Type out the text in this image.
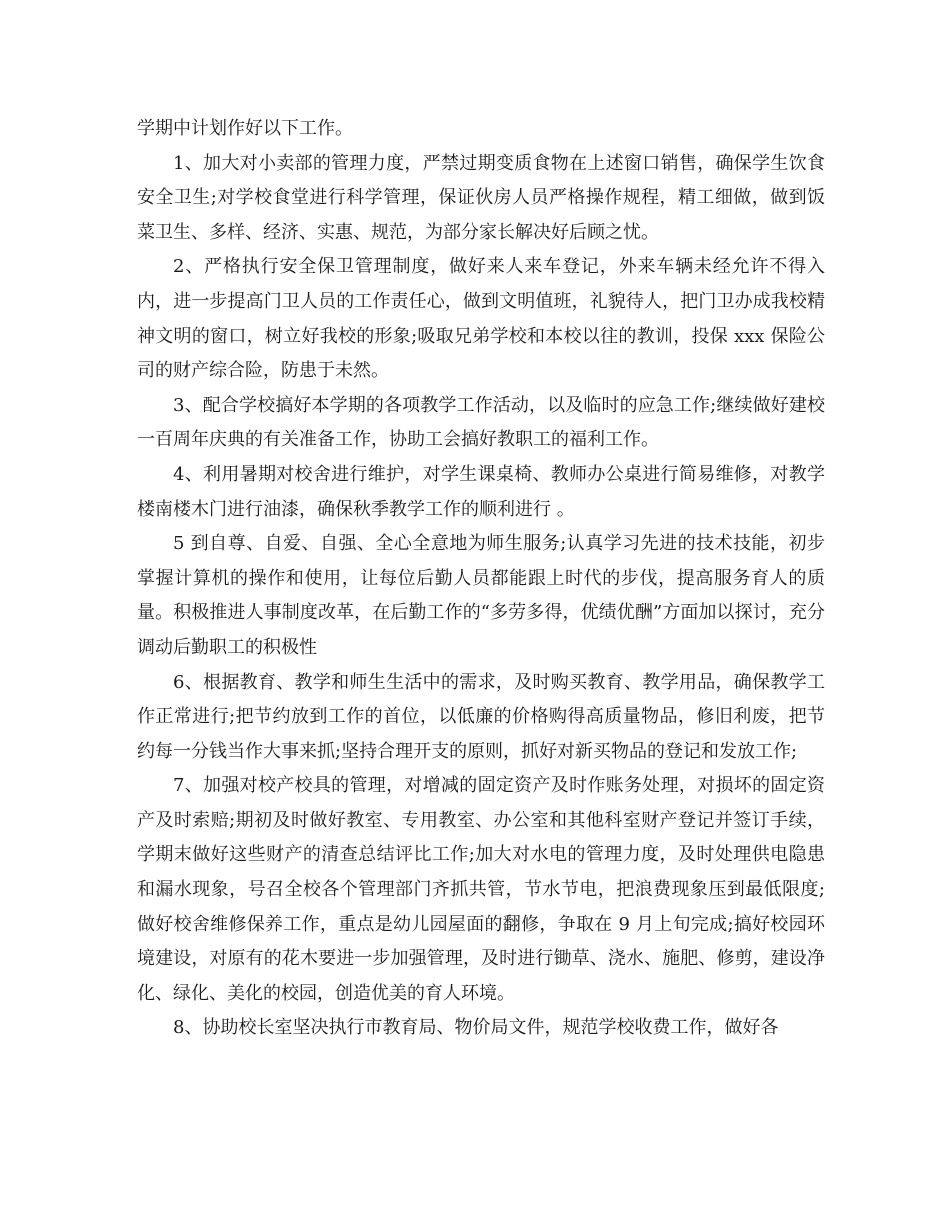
学期中计划作好以下工作。

1、加大对小卖部的管理力度，严禁过期变质食物在上述窗口销售，确保学生饮食安全卫生;对学校食堂进行科学管理，保证伙房人员严格操作规程，精工细做，做到饭菜卫生、多样、经济、实惠、规范，为部分家长解决好后顾之忧。

2、严格执行安全保卫管理制度，做好来人来车登记，外来车辆未经允许不得入内，进一步提高门卫人员的工作责任心，做到文明值班，礼貌待人，把门卫办成我校精神文明的窗口，树立好我校的形象;吸取兄弟学校和本校以往的教训，投保 xxx 保险公司的财产综合险，防患于未然。

3、配合学校搞好本学期的各项教学工作活动，以及临时的应急工作;继续做好建校一百周年庆典的有关准备工作，协助工会搞好教职工的福利工作。

4、利用暑期对校舍进行维护，对学生课桌椅、教师办公桌进行简易维修，对教学楼南楼木门进行油漆，确保秋季教学工作的顺利进行 。

5 到自尊、自爱、自强、全心全意地为师生服务;认真学习先进的技术技能，初步掌握计算机的操作和使用，让每位后勤人员都能跟上时代的步伐，提高服务育人的质量。积极推进人事制度改革，在后勤工作的“多劳多得，优绩优酬”方面加以探讨，充分调动后勤职工的积极性

6、根据教育、教学和师生生活中的需求，及时购买教育、教学用品，确保教学工作正常进行;把节约放到工作的首位，以低廉的价格购得高质量物品，修旧利废，把节约每一分钱当作大事来抓;坚持合理开支的原则，抓好对新买物品的登记和发放工作;

7、加强对校产校具的管理，对增减的固定资产及时作账务处理，对损坏的固定资产及时索赔;期初及时做好教室、专用教室、办公室和其他科室财产登记并签订手续，学期末做好这些财产的清查总结评比工作;加大对水电的管理力度，及时处理供电隐患和漏水现象，号召全校各个管理部门齐抓共管，节水节电，把浪费现象压到最低限度;做好校舍维修保养工作，重点是幼儿园屋面的翻修，争取在 9 月上旬完成;搞好校园环境建设，对原有的花木要进一步加强管理，及时进行锄草、浇水、施肥、修剪，建设净化、绿化、美化的校园，创造优美的育人环境。

8、协助校长室坚决执行市教育局、物价局文件，规范学校收费工作，做好各
